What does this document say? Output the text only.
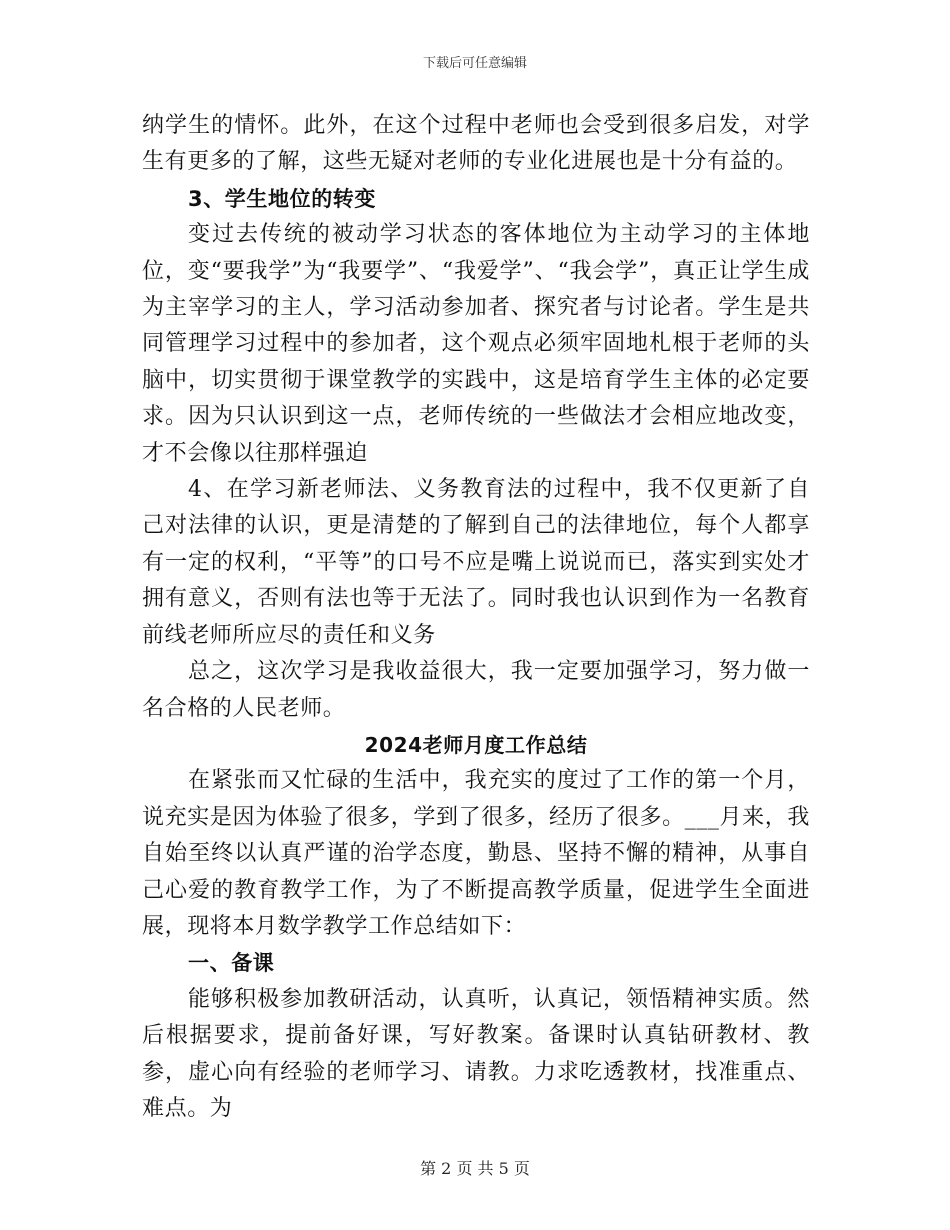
下载后可任意编辑

纳学生的情怀。此外，在这个过程中老师也会受到很多启发，对学生有更多的了解，这些无疑对老师的专业化进展也是十分有益的。

3、学生地位的转变

变过去传统的被动学习状态的客体地位为主动学习的主体地位，变“要我学”为“我要学”、“我爱学”、“我会学”，真正让学生成为主宰学习的主人，学习活动参加者、探究者与讨论者。学生是共同管理学习过程中的参加者，这个观点必须牢固地札根于老师的头脑中，切实贯彻于课堂教学的实践中，这是培育学生主体的必定要求。因为只认识到这一点，老师传统的一些做法才会相应地改变，才不会像以往那样强迫

4、在学习新老师法、义务教育法的过程中，我不仅更新了自己对法律的认识，更是清楚的了解到自己的法律地位，每个人都享有一定的权利，“平等”的口号不应是嘴上说说而已，落实到实处才拥有意义，否则有法也等于无法了。同时我也认识到作为一名教育前线老师所应尽的责任和义务

总之，这次学习是我收益很大，我一定要加强学习，努力做一名合格的人民老师。

2024老师月度工作总结

在紧张而又忙碌的生活中，我充实的度过了工作的第一个月，说充实是因为体验了很多，学到了很多，经历了很多。___月来，我自始至终以认真严谨的治学态度，勤恳、坚持不懈的精神，从事自己心爱的教育教学工作，为了不断提高教学质量，促进学生全面进展，现将本月数学教学工作总结如下：

一、备课

能够积极参加教研活动，认真听，认真记，领悟精神实质。然后根据要求，提前备好课，写好教案。备课时认真钻研教材、教参，虚心向有经验的老师学习、请教。力求吃透教材，找准重点、难点。为

第 2 页 共 5 页
